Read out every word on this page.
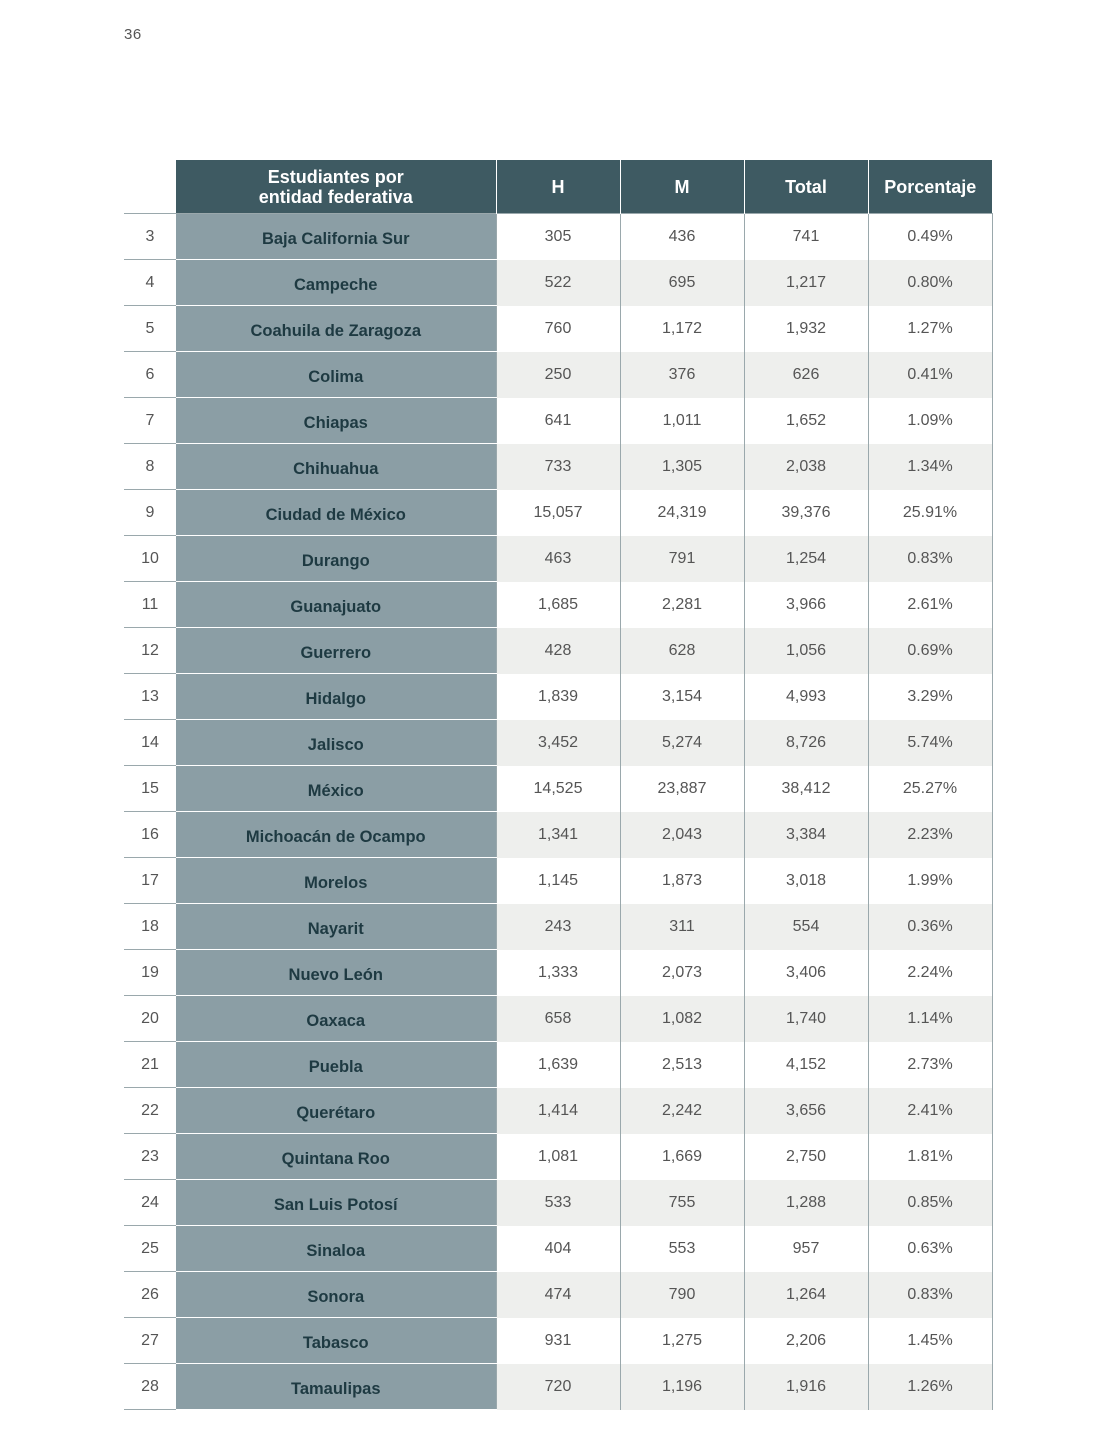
36
	Estudiantes por
entidad federativa	H	M	Total	Porcentaje
3	Baja California Sur	305	436	741	0.49%
4	Campeche	522	695	1,217	0.80%
5	Coahuila de Zaragoza	760	1,172	1,932	1.27%
6	Colima	250	376	626	0.41%
7	Chiapas	641	1,011	1,652	1.09%
8	Chihuahua	733	1,305	2,038	1.34%
9	Ciudad de México	15,057	24,319	39,376	25.91%
10	Durango	463	791	1,254	0.83%
11	Guanajuato	1,685	2,281	3,966	2.61%
12	Guerrero	428	628	1,056	0.69%
13	Hidalgo	1,839	3,154	4,993	3.29%
14	Jalisco	3,452	5,274	8,726	5.74%
15	México	14,525	23,887	38,412	25.27%
16	Michoacán de Ocampo	1,341	2,043	3,384	2.23%
17	Morelos	1,145	1,873	3,018	1.99%
18	Nayarit	243	311	554	0.36%
19	Nuevo León	1,333	2,073	3,406	2.24%
20	Oaxaca	658	1,082	1,740	1.14%
21	Puebla	1,639	2,513	4,152	2.73%
22	Querétaro	1,414	2,242	3,656	2.41%
23	Quintana Roo	1,081	1,669	2,750	1.81%
24	San Luis Potosí	533	755	1,288	0.85%
25	Sinaloa	404	553	957	0.63%
26	Sonora	474	790	1,264	0.83%
27	Tabasco	931	1,275	2,206	1.45%
28	Tamaulipas	720	1,196	1,916	1.26%
